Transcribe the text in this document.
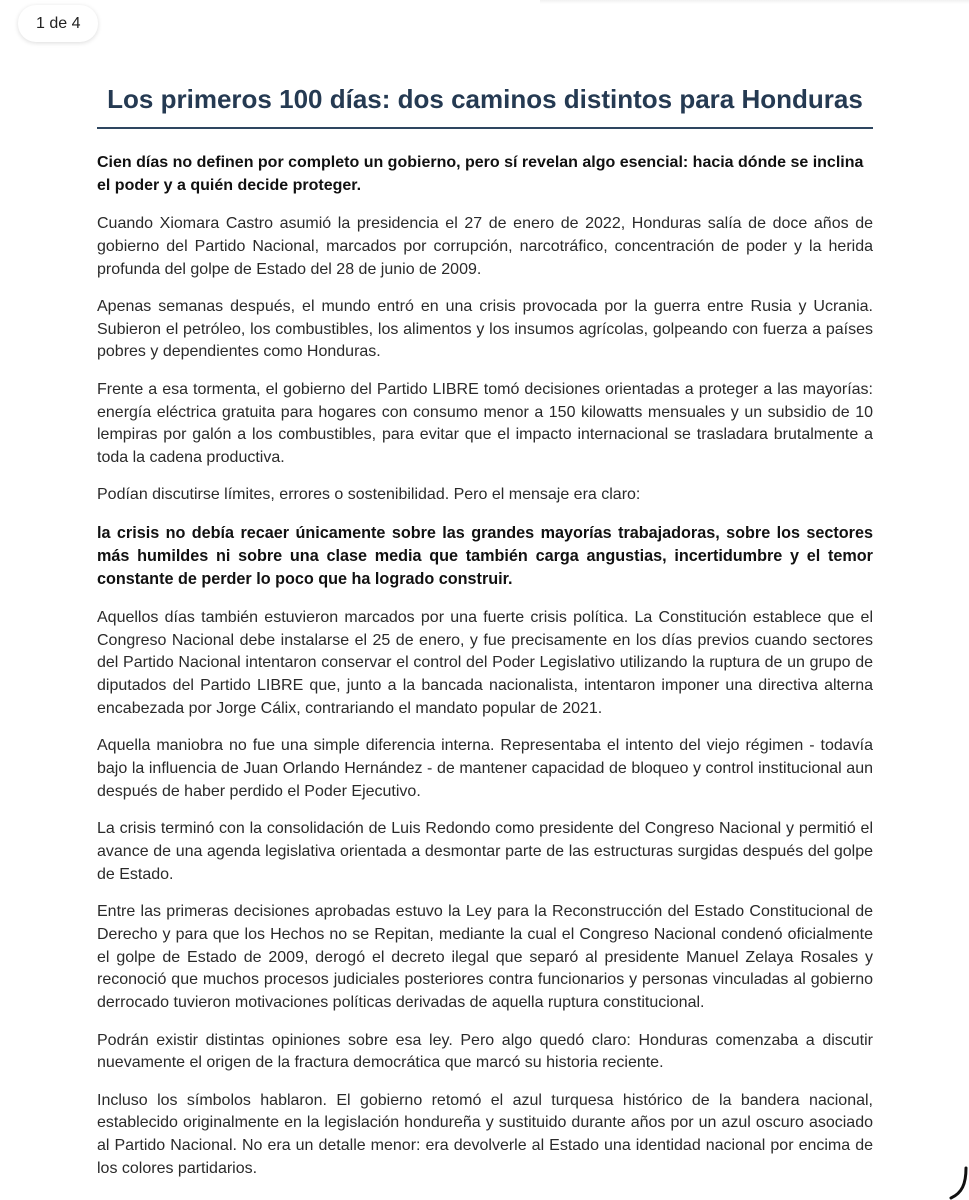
1 de 4
Los primeros 100 días: dos caminos distintos para Honduras

Cien días no definen por completo un gobierno, pero sí revelan algo esencial: hacia dónde se inclina el poder y a quién decide proteger.

Cuando Xiomara Castro asumió la presidencia el 27 de enero de 2022, Honduras salía de doce años de gobierno del Partido Nacional, marcados por corrupción, narcotráfico, concentración de poder y la herida profunda del golpe de Estado del 28 de junio de 2009.

Apenas semanas después, el mundo entró en una crisis provocada por la guerra entre Rusia y Ucrania. Subieron el petróleo, los combustibles, los alimentos y los insumos agrícolas, golpeando con fuerza a países pobres y dependientes como Honduras.

Frente a esa tormenta, el gobierno del Partido LIBRE tomó decisiones orientadas a proteger a las mayorías: energía eléctrica gratuita para hogares con consumo menor a 150 kilowatts mensuales y un subsidio de 10 lempiras por galón a los combustibles, para evitar que el impacto internacional se trasladara brutalmente a toda la cadena productiva.

Podían discutirse límites, errores o sostenibilidad. Pero el mensaje era claro:

la crisis no debía recaer únicamente sobre las grandes mayorías trabajadoras, sobre los sectores más humildes ni sobre una clase media que también carga angustias, incertidumbre y el temor constante de perder lo poco que ha logrado construir.

Aquellos días también estuvieron marcados por una fuerte crisis política. La Constitución establece que el Congreso Nacional debe instalarse el 25 de enero, y fue precisamente en los días previos cuando sectores del Partido Nacional intentaron conservar el control del Poder Legislativo utilizando la ruptura de un grupo de diputados del Partido LIBRE que, junto a la bancada nacionalista, intentaron imponer una directiva alterna encabezada por Jorge Cálix, contrariando el mandato popular de 2021.

Aquella maniobra no fue una simple diferencia interna. Representaba el intento del viejo régimen - todavía bajo la influencia de Juan Orlando Hernández - de mantener capacidad de bloqueo y control institucional aun después de haber perdido el Poder Ejecutivo.

La crisis terminó con la consolidación de Luis Redondo como presidente del Congreso Nacional y permitió el avance de una agenda legislativa orientada a desmontar parte de las estructuras surgidas después del golpe de Estado.

Entre las primeras decisiones aprobadas estuvo la Ley para la Reconstrucción del Estado Constitucional de Derecho y para que los Hechos no se Repitan, mediante la cual el Congreso Nacional condenó oficialmente el golpe de Estado de 2009, derogó el decreto ilegal que separó al presidente Manuel Zelaya Rosales y reconoció que muchos procesos judiciales posteriores contra funcionarios y personas vinculadas al gobierno derrocado tuvieron motivaciones políticas derivadas de aquella ruptura constitucional.

Podrán existir distintas opiniones sobre esa ley. Pero algo quedó claro: Honduras comenzaba a discutir nuevamente el origen de la fractura democrática que marcó su historia reciente.

Incluso los símbolos hablaron. El gobierno retomó el azul turquesa histórico de la bandera nacional, establecido originalmente en la legislación hondureña y sustituido durante años por un azul oscuro asociado al Partido Nacional. No era un detalle menor: era devolverle al Estado una identidad nacional por encima de los colores partidarios.
